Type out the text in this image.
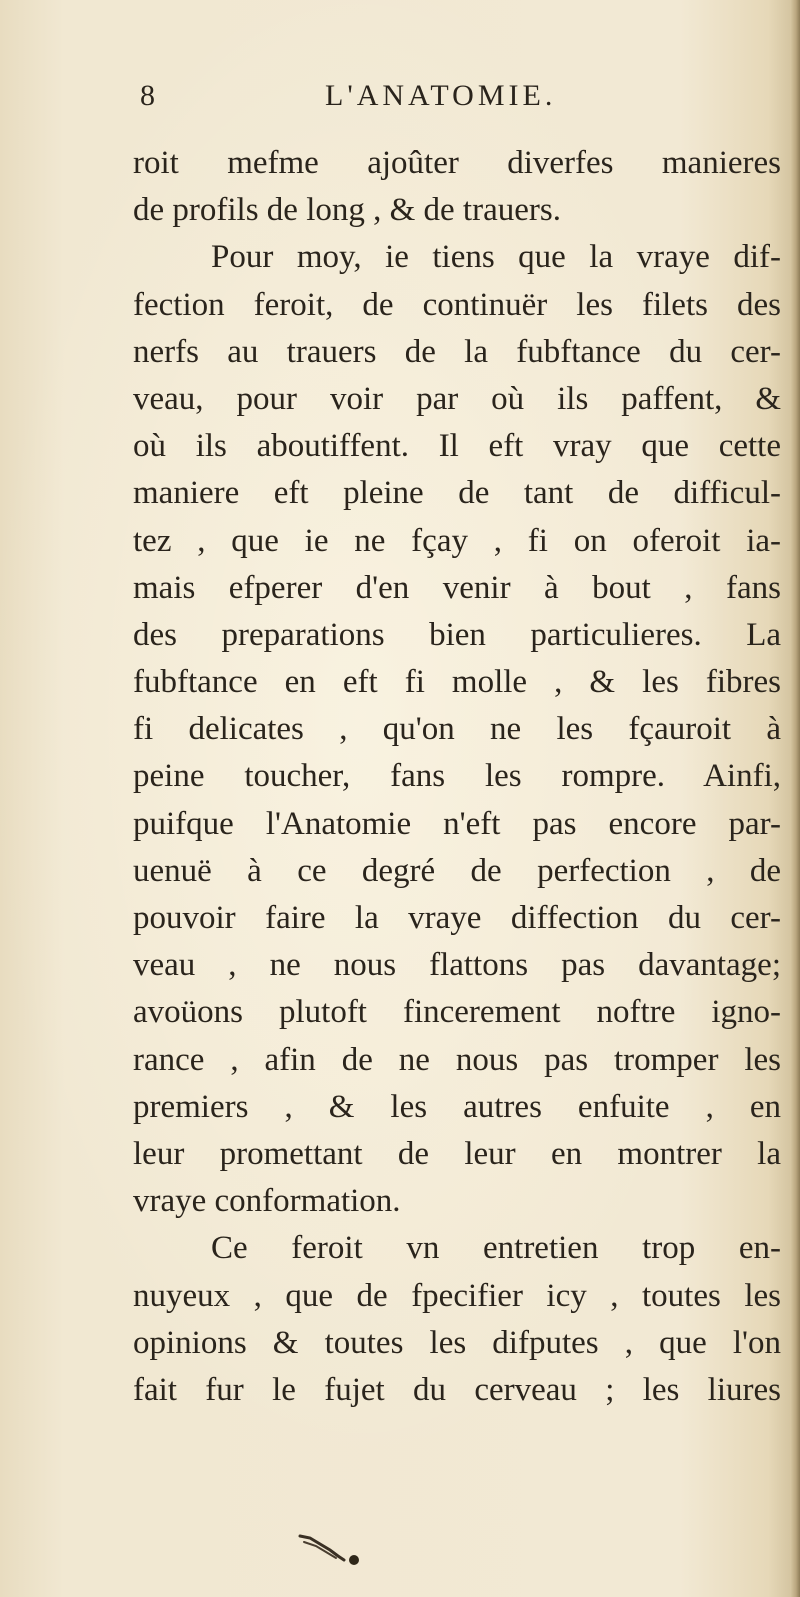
8	L'ANATOMIE.
roit mefme ajoûter diverfes manieres
de profils de long , & de trauers.
Pour moy, ie tiens que la vraye dif-
fection feroit, de continuër les filets des
nerfs au trauers de la fubftance du cer-
veau, pour voir par où ils paffent, &
où ils aboutiffent. Il eft vray que cette
maniere eft pleine de tant de difficul-
tez , que ie ne fçay , fi on oferoit ia-
mais efperer d'en venir à bout , fans
des preparations bien particulieres. La
fubftance en eft fi molle , & les fibres
fi delicates , qu'on ne les fçauroit à
peine toucher, fans les rompre. Ainfi,
puifque l'Anatomie n'eft pas encore par-
uenuë à ce degré de perfection , de
pouvoir faire la vraye diffection du cer-
veau , ne nous flattons pas davantage;
avoüons plutoft fincerement noftre igno-
rance , afin de ne nous pas tromper les
premiers , & les autres enfuite , en
leur promettant de leur en montrer la
vraye conformation.
Ce feroit vn entretien trop en-
nuyeux , que de fpecifier icy , toutes les
opinions & toutes les difputes , que l'on
fait fur le fujet du cerveau ; les liures
